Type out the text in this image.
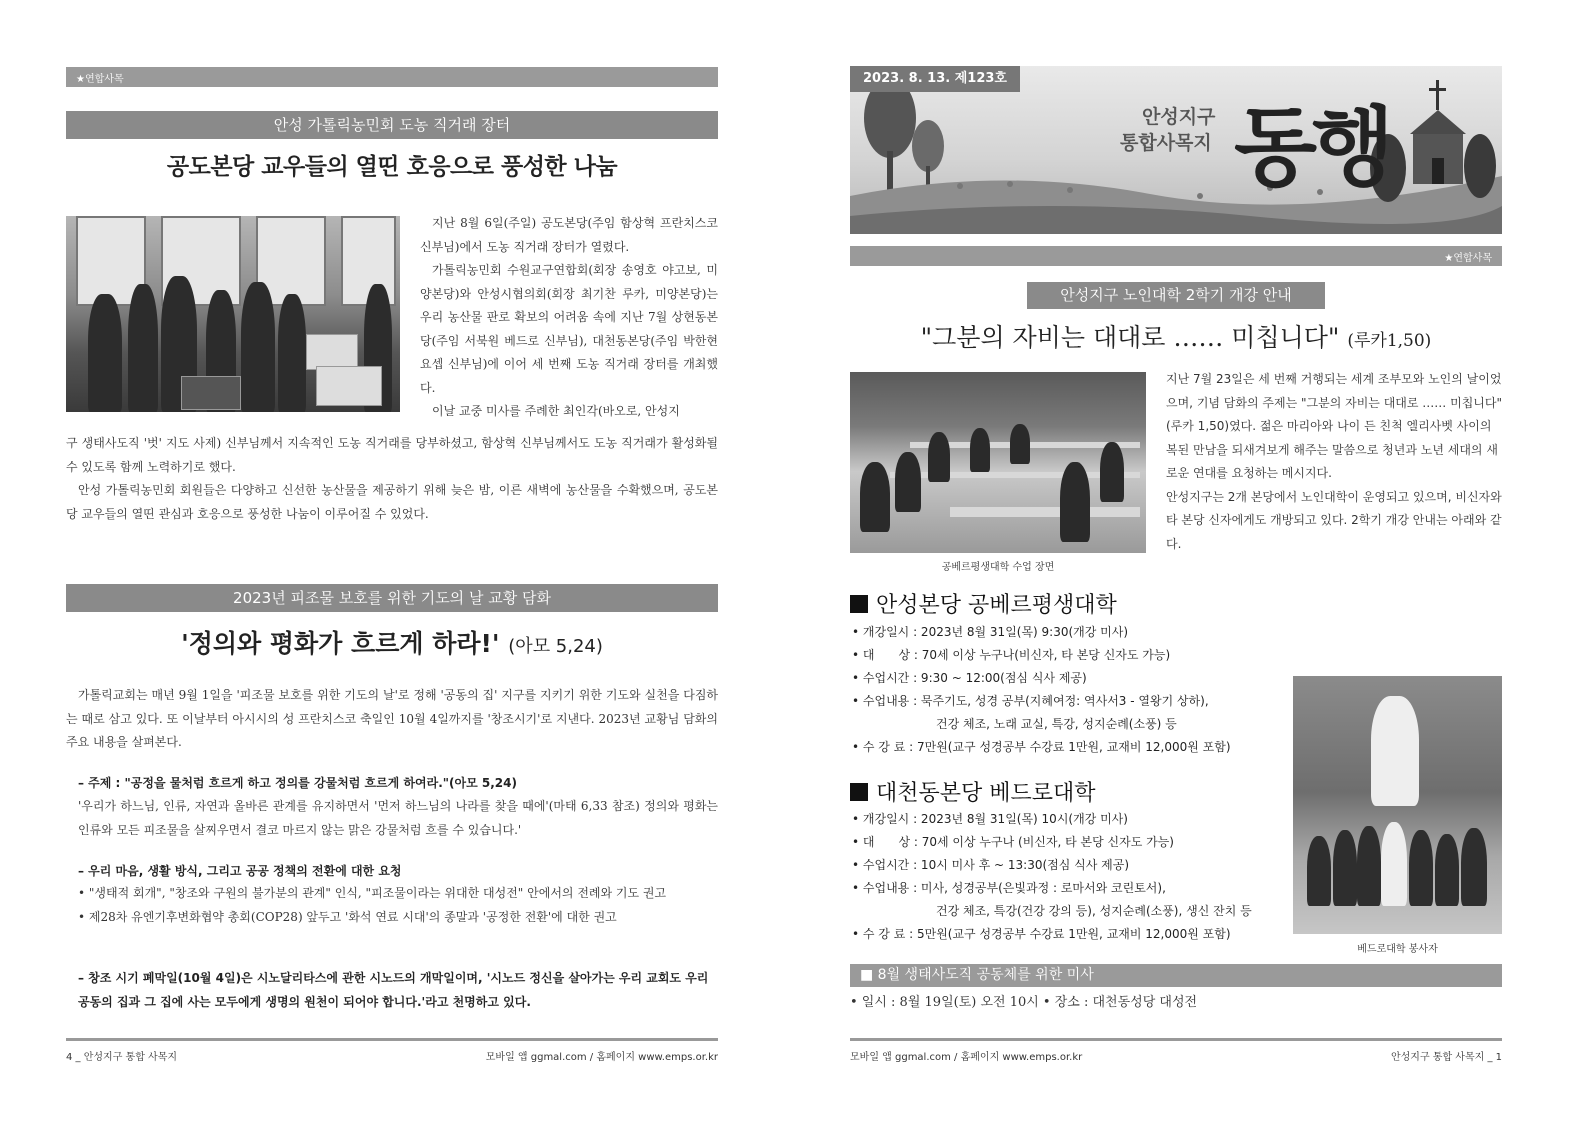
★연합사목
안성 가톨릭농민회 도농 직거래 장터
공도본당 교우들의 열띤 호응으로 풍성한 나눔

지난 8월 6일(주일) 공도본당(주임 함상혁 프란치스코 신부님)에서 도농 직거래 장터가 열렸다.

가톨릭농민회 수원교구연합회(회장 송영호 야고보, 미양본당)와 안성시협의회(회장 최기찬 루카, 미양본당)는 우리 농산물 판로 확보의 어려움 속에 지난 7월 상현동본당(주임 서북원 베드로 신부님), 대천동본당(주임 박한현 요셉 신부님)에 이어 세 번째 도농 직거래 장터를 개최했다.

이날 교중 미사를 주례한 최인각(바오로, 안성지

구 생태사도직 '벗' 지도 사제) 신부님께서 지속적인 도농 직거래를 당부하셨고, 함상혁 신부님께서도 도농 직거래가 활성화될 수 있도록 함께 노력하기로 했다.

안성 가톨릭농민회 회원들은 다양하고 신선한 농산물을 제공하기 위해 늦은 밤, 이른 새벽에 농산물을 수확했으며, 공도본당 교우들의 열띤 관심과 호응으로 풍성한 나눔이 이루어질 수 있었다.

2023년 피조물 보호를 위한 기도의 날 교황 담화
'정의와 평화가 흐르게 하라!' (아모 5,24)

가톨릭교회는 매년 9월 1일을 '피조물 보호를 위한 기도의 날'로 정해 '공동의 집' 지구를 지키기 위한 기도와 실천을 다짐하는 때로 삼고 있다. 또 이날부터 아시시의 성 프란치스코 축일인 10월 4일까지를 '창조시기'로 지낸다. 2023년 교황님 담화의 주요 내용을 살펴본다.

– 주제 : "공정을 물처럼 흐르게 하고 정의를 강물처럼 흐르게 하여라."(아모 5,24)

'우리가 하느님, 인류, 자연과 올바른 관계를 유지하면서 '먼저 하느님의 나라를 찾을 때에'(마태 6,33 참조) 정의와 평화는 인류와 모든 피조물을 살찌우면서 결코 마르지 않는 맑은 강물처럼 흐를 수 있습니다.'

– 우리 마음, 생활 방식, 그리고 공공 정책의 전환에 대한 요청

• "생태적 회개", "창조와 구원의 불가분의 관계" 인식, "피조물이라는 위대한 대성전" 안에서의 전례와 기도 권고

• 제28차 유엔기후변화협약 총회(COP28) 앞두고 '화석 연료 시대'의 종말과 '공정한 전환'에 대한 권고

– 창조 시기 폐막일(10월 4일)은 시노달리타스에 관한 시노드의 개막일이며, '시노드 정신을 살아가는 우리 교회도 우리 공동의 집과 그 집에 사는 모두에게 생명의 원천이 되어야 합니다.'라고 천명하고 있다.

4 _ 안성지구 통합 사목지	모바일 앱 ggmal.com / 홈페이지 www.emps.or.kr
2023. 8. 13. 제123호
안성지구
통합사목지 동행
★연합사목
안성지구 노인대학 2학기 개강 안내
"그분의 자비는 대대로 …… 미칩니다" (루카1,50)
공베르평생대학 수업 장면

지난 7월 23일은 세 번째 거행되는 세계 조부모와 노인의 날이었으며, 기념 담화의 주제는 "그분의 자비는 대대로 …… 미칩니다"(루카 1,50)였다. 젊은 마리아와 나이 든 친척 엘리사벳 사이의 복된 만남을 되새겨보게 해주는 말씀으로 청년과 노년 세대의 새로운 연대를 요청하는 메시지다.

안성지구는 2개 본당에서 노인대학이 운영되고 있으며, 비신자와 타 본당 신자에게도 개방되고 있다. 2학기 개강 안내는 아래와 같다.

안성본당 공베르평생대학
• 개강일시 : 2023년 8월 31일(목) 9:30(개강 미사)
• 대　　상 : 70세 이상 누구나(비신자, 타 본당 신자도 가능)
• 수업시간 : 9:30 ~ 12:00(점심 식사 제공)
• 수업내용 : 묵주기도, 성경 공부(지혜여정: 역사서3 - 열왕기 상하),
　　　　　　　건강 체조, 노래 교실, 특강, 성지순례(소풍) 등
• 수 강 료 : 7만원(교구 성경공부 수강료 1만원, 교재비 12,000원 포함)
베드로대학 봉사자
대천동본당 베드로대학
• 개강일시 : 2023년 8월 31일(목) 10시(개강 미사)
• 대　　상 : 70세 이상 누구나 (비신자, 타 본당 신자도 가능)
• 수업시간 : 10시 미사 후 ~ 13:30(점심 식사 제공)
• 수업내용 : 미사, 성경공부(은빛과정 : 로마서와 코린토서),
　　　　　　　건강 체조, 특강(건강 강의 등), 성지순례(소풍), 생신 잔치 등
• 수 강 료 : 5만원(교구 성경공부 수강료 1만원, 교재비 12,000원 포함)
■ 8월 생태사도직 공동체를 위한 미사
• 일시 : 8월 19일(토) 오전 10시 • 장소 : 대천동성당 대성전
모바일 앱 ggmal.com / 홈페이지 www.emps.or.kr	안성지구 통합 사목지 _ 1
